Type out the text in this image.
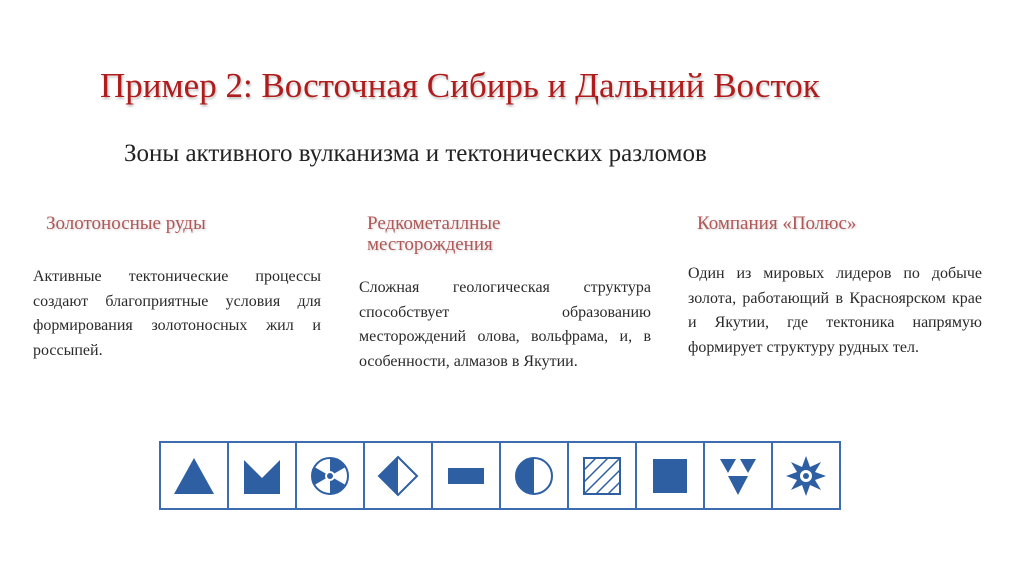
Пример 2: Восточная Сибирь и Дальний Восток
Зоны активного вулканизма и тектонических разломов
Золотоносные руды
Активные тектонические процессы создают благоприятные условия для формирования золотоносных жил и россыпей.
Редкометаллные месторождения
Сложная геологическая структура способствует образованию месторождений олова, вольфрама, и, в особенности, алмазов в Якутии.
Компания «Полюс»
Один из мировых лидеров по добыче золота, работающий в Красноярском крае и Якутии, где тектоника напрямую формирует структуру рудных тел.
